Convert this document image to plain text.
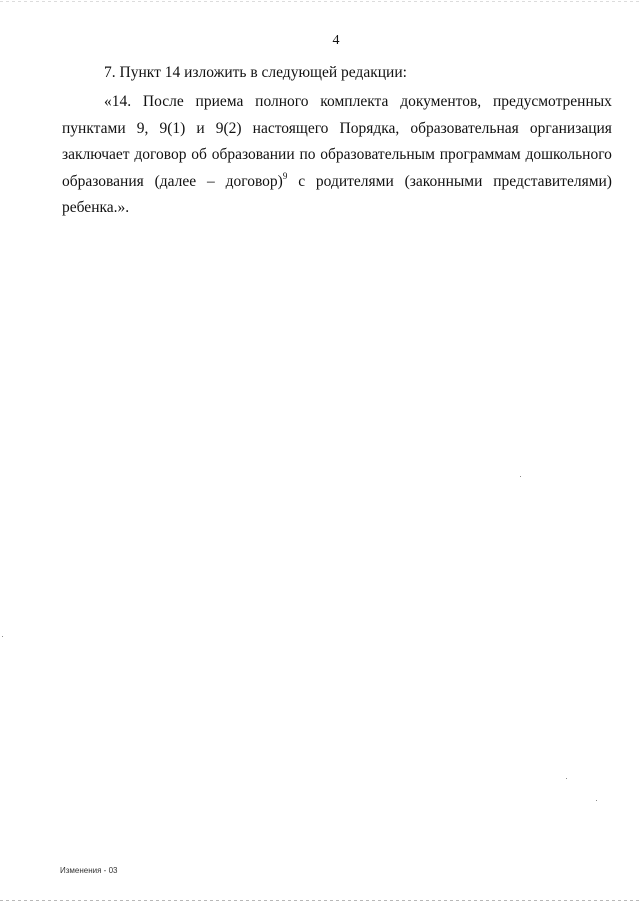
4
7. Пункт 14 изложить в следующей редакции:
«14. После приема полного комплекта документов, предусмотренных
пунктами 9, 9(1) и 9(2) настоящего Порядка, образовательная организация
заключает договор об образовании по образовательным программам дошкольного
образования (далее – договор)$^9$ с родителями (законными представителями)
ребенка.».
Изменения - 03
